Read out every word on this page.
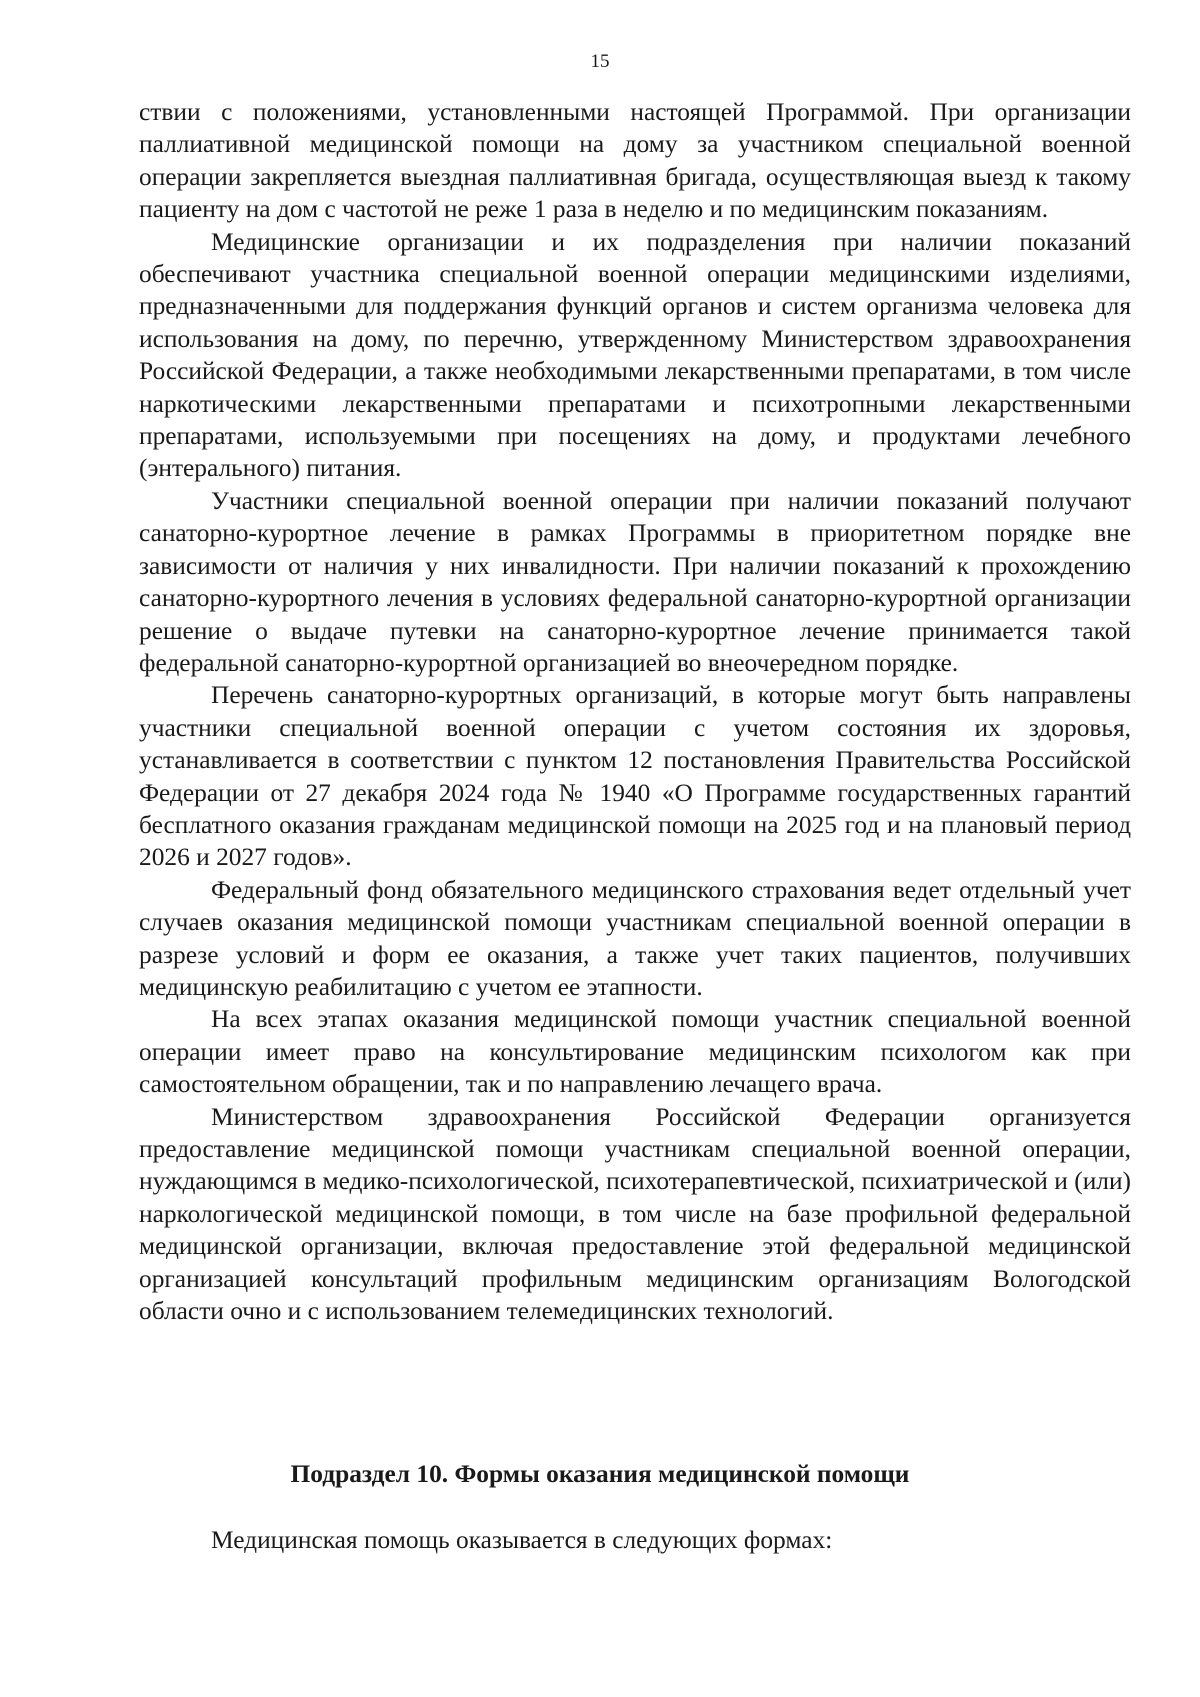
15

ствии с положениями, установленными настоящей Программой. При организации паллиативной медицинской помощи на дому за участником специальной военной операции закрепляется выездная паллиативная бригада, осуществляющая выезд к такому пациенту на дом с частотой не реже 1 раза в неделю и по медицинским показаниям.

Медицинские организации и их подразделения при наличии показаний обеспечивают участника специальной военной операции медицинскими изделиями, предназначенными для поддержания функций органов и систем организма человека для использования на дому, по перечню, утвержденному Министерством здравоохранения Российской Федерации, а также необходимыми лекарственными препаратами, в том числе наркотическими лекарственными препаратами и психотропными лекарственными препаратами, используемыми при посещениях на дому, и продуктами лечебного (энтерального) питания.

Участники специальной военной операции при наличии показаний получают санаторно-курортное лечение в рамках Программы в приоритетном порядке вне зависимости от наличия у них инвалидности. При наличии показаний к прохождению санаторно-курортного лечения в условиях федеральной санаторно-курортной организации решение о выдаче путевки на санаторно-курортное лечение принимается такой федеральной санаторно-курортной организацией во внеочередном порядке.

Перечень санаторно-курортных организаций, в которые могут быть направлены участники специальной военной операции с учетом состояния их здоровья, устанавливается в соответствии с пунктом 12 постановления Правительства Российской Федерации от 27 декабря 2024 года № 1940 «О Программе государственных гарантий бесплатного оказания гражданам медицинской помощи на 2025 год и на плановый период 2026 и 2027 годов».

Федеральный фонд обязательного медицинского страхования ведет отдельный учет случаев оказания медицинской помощи участникам специальной военной операции в разрезе условий и форм ее оказания, а также учет таких пациентов, получивших медицинскую реабилитацию с учетом ее этапности.

На всех этапах оказания медицинской помощи участник специальной военной операции имеет право на консультирование медицинским психологом как при самостоятельном обращении, так и по направлению лечащего врача.

Министерством здравоохранения Российской Федерации организуется предоставление медицинской помощи участникам специальной военной операции, нуждающимся в медико-психологической, психотерапевтической, психиатрической и (или) наркологической медицинской помощи, в том числе на базе профильной федеральной медицинской организации, включая предоставление этой федеральной медицинской организацией консультаций профильным медицинским организациям Вологодской области очно и с использованием телемедицинских технологий.

Подраздел 10. Формы оказания медицинской помощи
Медицинская помощь оказывается в следующих формах:
